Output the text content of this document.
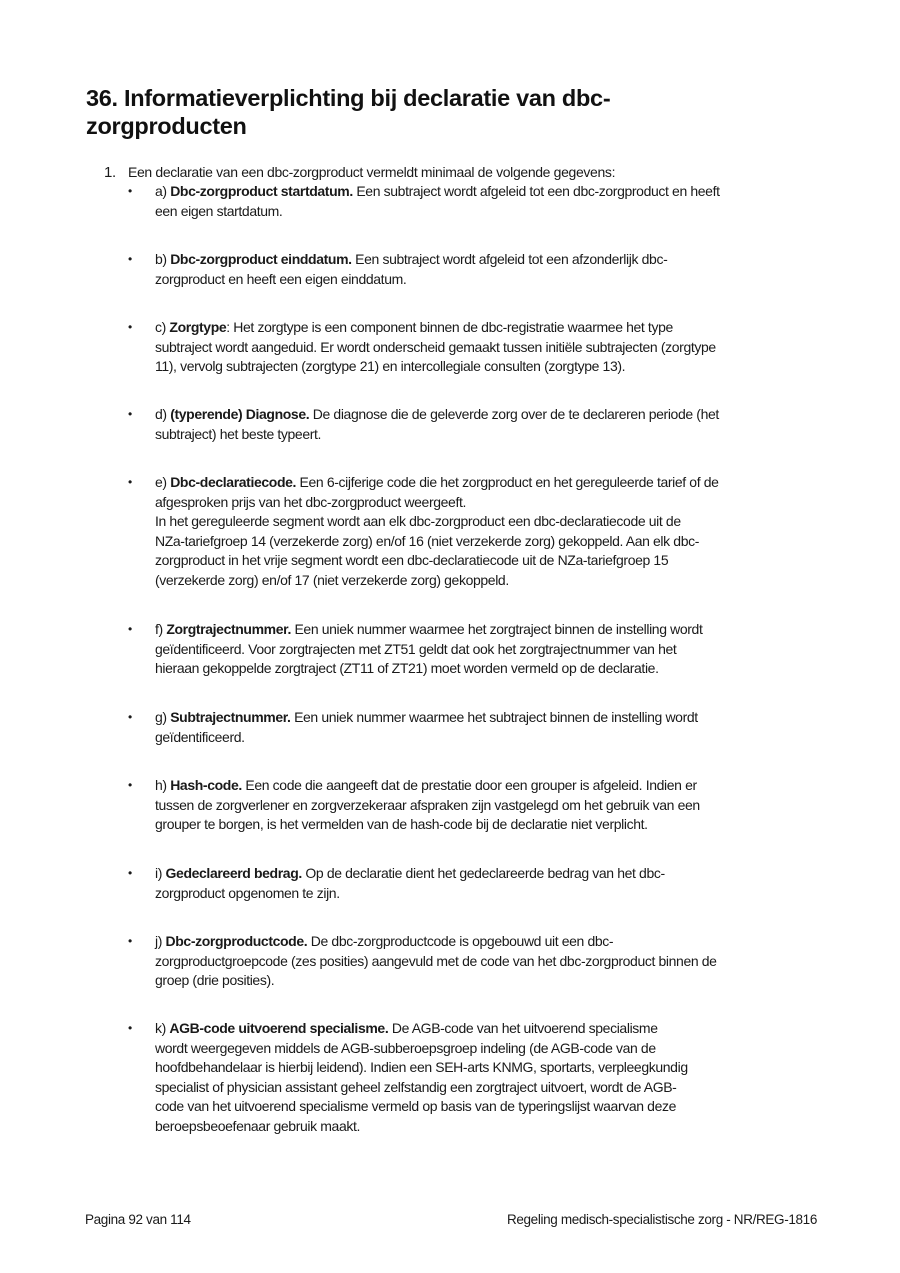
36. Informatieverplichting bij declaratie van dbc-
zorgproducten
1. Een declaratie van een dbc-zorgproduct vermeldt minimaal de volgende gegevens:
•	a) Dbc-zorgproduct startdatum. Een subtraject wordt afgeleid tot een dbc-zorgproduct en heeft
een eigen startdatum.
•	b) Dbc-zorgproduct einddatum. Een subtraject wordt afgeleid tot een afzonderlijk dbc-
zorgproduct en heeft een eigen einddatum.
•	c) Zorgtype: Het zorgtype is een component binnen de dbc-registratie waarmee het type
subtraject wordt aangeduid. Er wordt onderscheid gemaakt tussen initiële subtrajecten (zorgtype
11), vervolg subtrajecten (zorgtype 21) en intercollegiale consulten (zorgtype 13).
•	d) (typerende) Diagnose. De diagnose die de geleverde zorg over de te declareren periode (het
subtraject) het beste typeert.
•	e) Dbc-declaratiecode. Een 6-cijferige code die het zorgproduct en het gereguleerde tarief of de
afgesproken prijs van het dbc-zorgproduct weergeeft.
In het gereguleerde segment wordt aan elk dbc-zorgproduct een dbc-declaratiecode uit de
NZa-tariefgroep 14 (verzekerde zorg) en/of 16 (niet verzekerde zorg) gekoppeld. Aan elk dbc-
zorgproduct in het vrije segment wordt een dbc-declaratiecode uit de NZa-tariefgroep 15
(verzekerde zorg) en/of 17 (niet verzekerde zorg) gekoppeld.
•	f) Zorgtrajectnummer. Een uniek nummer waarmee het zorgtraject binnen de instelling wordt
geïdentificeerd. Voor zorgtrajecten met ZT51 geldt dat ook het zorgtrajectnummer van het
hieraan gekoppelde zorgtraject (ZT11 of ZT21) moet worden vermeld op de declaratie.
•	g) Subtrajectnummer. Een uniek nummer waarmee het subtraject binnen de instelling wordt
geïdentificeerd.
•	h) Hash-code. Een code die aangeeft dat de prestatie door een grouper is afgeleid. Indien er
tussen de zorgverlener en zorgverzekeraar afspraken zijn vastgelegd om het gebruik van een
grouper te borgen, is het vermelden van de hash-code bij de declaratie niet verplicht.
•	i) Gedeclareerd bedrag. Op de declaratie dient het gedeclareerde bedrag van het dbc-
zorgproduct opgenomen te zijn.
•	j) Dbc-zorgproductcode. De dbc-zorgproductcode is opgebouwd uit een dbc-
zorgproductgroepcode (zes posities) aangevuld met de code van het dbc-zorgproduct binnen de
groep (drie posities).
•	k) AGB-code uitvoerend specialisme. De AGB-code van het uitvoerend specialisme
wordt weergegeven middels de AGB-subberoepsgroep indeling (de AGB-code van de
hoofdbehandelaar is hierbij leidend). Indien een SEH-arts KNMG, sportarts, verpleegkundig
specialist of physician assistant geheel zelfstandig een zorgtraject uitvoert, wordt de AGB-
code van het uitvoerend specialisme vermeld op basis van de typeringslijst waarvan deze
beroepsbeoefenaar gebruik maakt.
Pagina 92 van 114	Regeling medisch-specialistische zorg - NR/REG-1816
